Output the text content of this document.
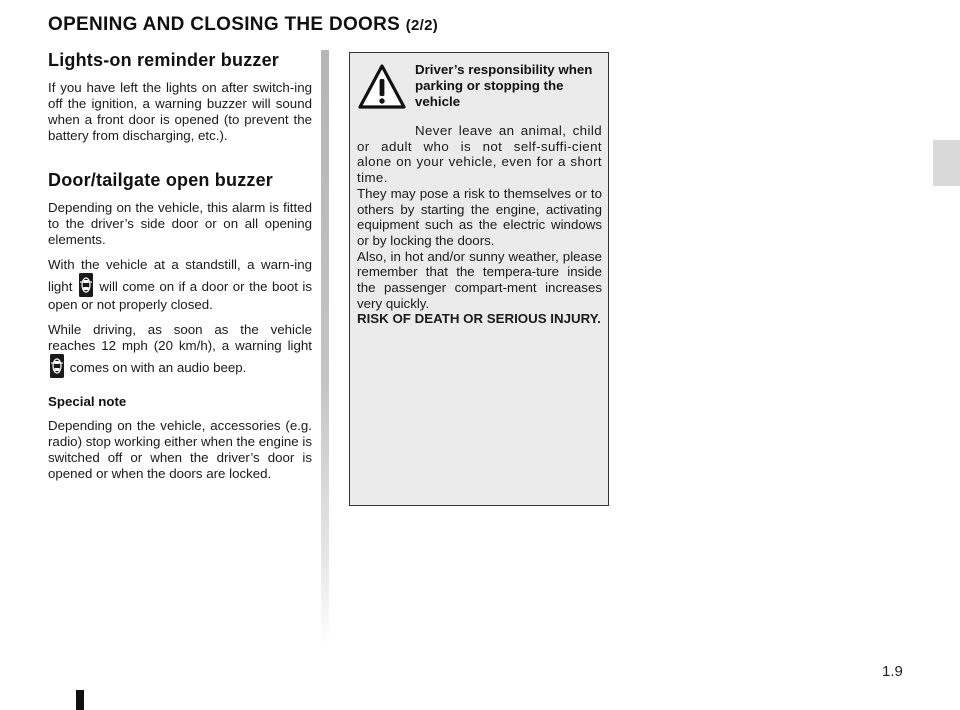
OPENING AND CLOSING THE DOORS (2/2)
Lights-on reminder buzzer

If you have left the lights on after switch-ing off the ignition, a warning buzzer will sound when a front door is opened (to prevent the battery from discharging, etc.).

Door/tailgate open buzzer

Depending on the vehicle, this alarm is fitted to the driver’s side door or on all opening elements.

With the vehicle at a standstill, a warn-ing light will come on if a door or the boot is open or not properly closed.

While driving, as soon as the vehicle reaches 12 mph (20 km/h), a warning light  comes on with an audio beep.

Special note

Depending on the vehicle, accessories (e.g. radio) stop working either when the engine is switched off or when the driver’s door is opened or when the doors are locked.

Driver’s responsibility when parking or stopping the vehicle

Never leave an animal, child or adult who is not self-suffi-cient alone on your vehicle, even for a short time.

They may pose a risk to themselves or to others by starting the engine, activating equipment such as the electric windows or by locking the doors.

Also, in hot and/or sunny weather, please remember that the tempera-ture inside the passenger compart-ment increases very quickly.

RISK OF DEATH OR SERIOUS INJURY.

1.9
